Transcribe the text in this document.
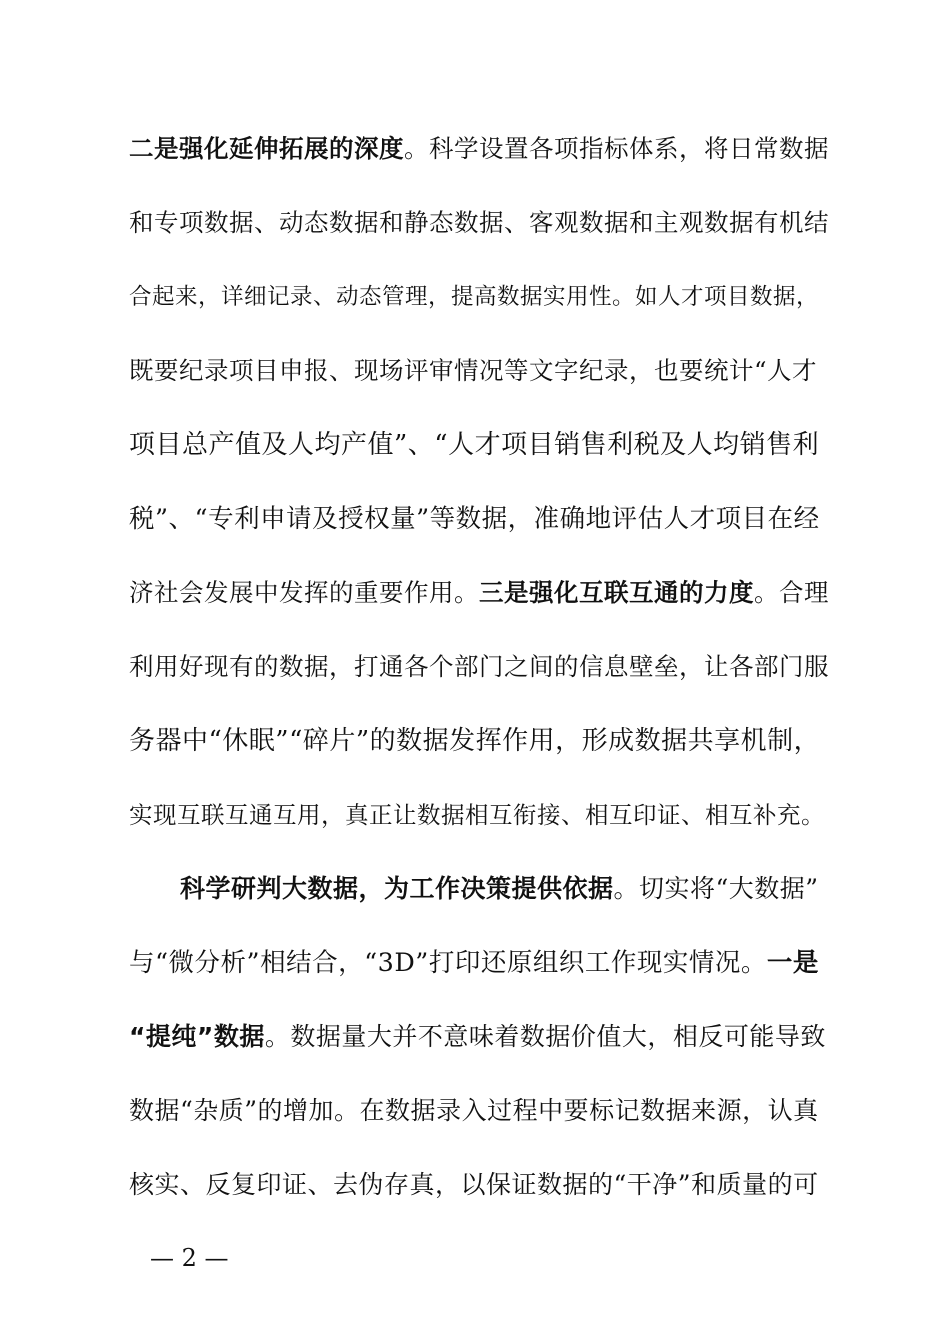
二是强化延伸拓展的深度。科学设置各项指标体系，将日常数据
和专项数据、动态数据和静态数据、客观数据和主观数据有机结
合起来，详细记录、动态管理，提高数据实用性。如人才项目数据，
既要纪录项目申报、现场评审情况等文字纪录，也要统计“人才
项目总产值及人均产值”、“人才项目销售利税及人均销售利
税”、“专利申请及授权量”等数据，准确地评估人才项目在经
济社会发展中发挥的重要作用。三是强化互联互通的力度。合理
利用好现有的数据，打通各个部门之间的信息壁垒，让各部门服
务器中“休眠”“碎片”的数据发挥作用，形成数据共享机制，
实现互联互通互用，真正让数据相互衔接、相互印证、相互补充。
科学研判大数据，为工作决策提供依据。切实将“大数据”
与“微分析”相结合，“3D”打印还原组织工作现实情况。一是
“提纯”数据。数据量大并不意味着数据价值大，相反可能导致
数据“杂质”的增加。在数据录入过程中要标记数据来源，认真
核实、反复印证、去伪存真，以保证数据的“干净”和质量的可
— 2 —
